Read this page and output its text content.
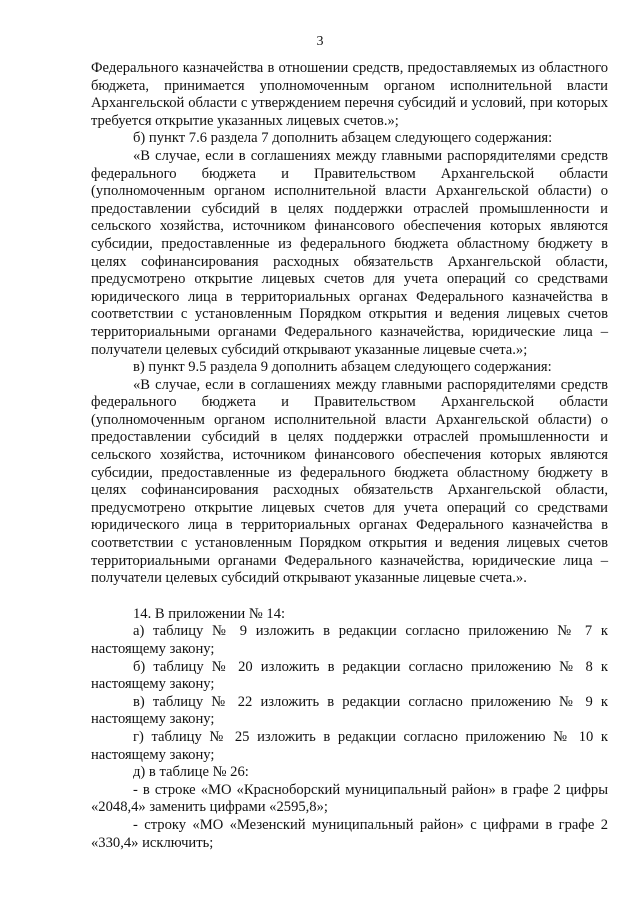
3

Федерального казначейства в отношении средств, предоставляемых из областного бюджета, принимается уполномоченным органом исполнительной власти Архангельской области с утверждением перечня субсидий и условий, при которых требуется открытие указанных лицевых счетов.»;

б) пункт 7.6 раздела 7 дополнить абзацем следующего содержания:

«В случае, если в соглашениях между главными распорядителями средств федерального бюджета и Правительством Архангельской области (уполномоченным органом исполнительной власти Архангельской области) о предоставлении субсидий в целях поддержки отраслей промышленности и сельского хозяйства, источником финансового обеспечения которых являются субсидии, предоставленные из федерального бюджета областному бюджету в целях софинансирования расходных обязательств Архангельской области, предусмотрено открытие лицевых счетов для учета операций со средствами юридического лица в территориальных органах Федерального казначейства в соответствии с установленным Порядком открытия и ведения лицевых счетов территориальными органами Федерального казначейства, юридические лица – получатели целевых субсидий открывают указанные лицевые счета.»;

в) пункт 9.5 раздела 9 дополнить абзацем следующего содержания:

«В случае, если в соглашениях между главными распорядителями средств федерального бюджета и Правительством Архангельской области (уполномоченным органом исполнительной власти Архангельской области) о предоставлении субсидий в целях поддержки отраслей промышленности и сельского хозяйства, источником финансового обеспечения которых являются субсидии, предоставленные из федерального бюджета областному бюджету в целях софинансирования расходных обязательств Архангельской области, предусмотрено открытие лицевых счетов для учета операций со средствами юридического лица в территориальных органах Федерального казначейства в соответствии с установленным Порядком открытия и ведения лицевых счетов территориальными органами Федерального казначейства, юридические лица – получатели целевых субсидий открывают указанные лицевые счета.».

14. В приложении № 14:

а) таблицу № 9 изложить в редакции согласно приложению № 7 к настоящему закону;

б) таблицу № 20 изложить в редакции согласно приложению № 8 к настоящему закону;

в) таблицу № 22 изложить в редакции согласно приложению № 9 к настоящему закону;

г) таблицу № 25 изложить в редакции согласно приложению № 10 к настоящему закону;

д) в таблице № 26:

- в строке «МО «Красноборский муниципальный район» в графе 2 цифры «2048,4» заменить цифрами «2595,8»;

- строку «МО «Мезенский муниципальный район» с цифрами в графе 2 «330,4» исключить;
